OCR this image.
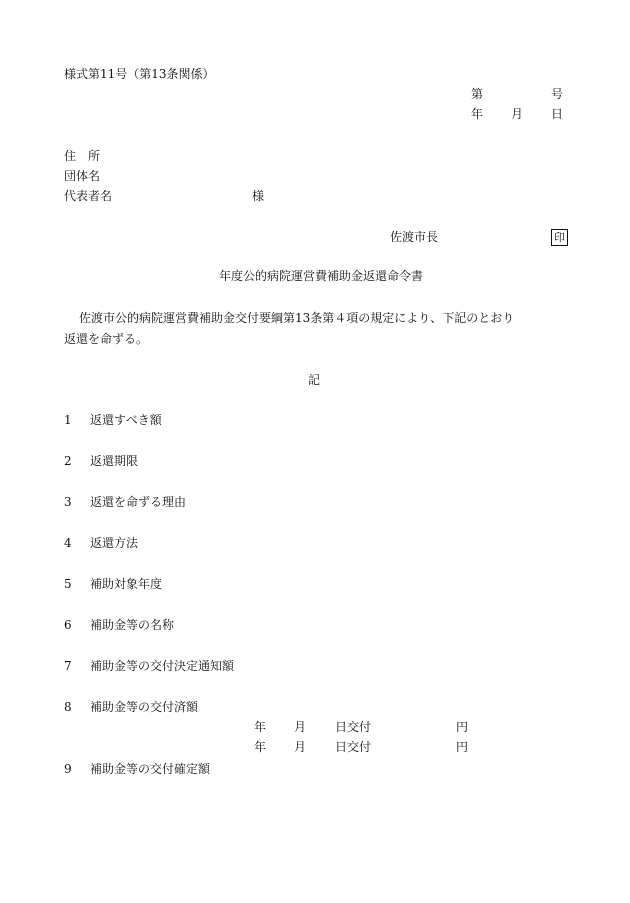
様式第11号（第13条関係）
第	号
年 月 日
住　所
団体名
代表者名	様
佐渡市長	印
年度公的病院運営費補助金返還命令書
佐渡市公的病院運営費補助金交付要綱第13条第４項の規定により、下記のとおり
返還を命ずる。
記
1 返還すべき額
2 返還期限
3 返還を命ずる理由
4 返還方法
5 補助対象年度
6 補助金等の名称
7 補助金等の交付決定通知額
8 補助金等の交付済額
年 月 日交付	円
年 月 日交付	円
9 補助金等の交付確定額
